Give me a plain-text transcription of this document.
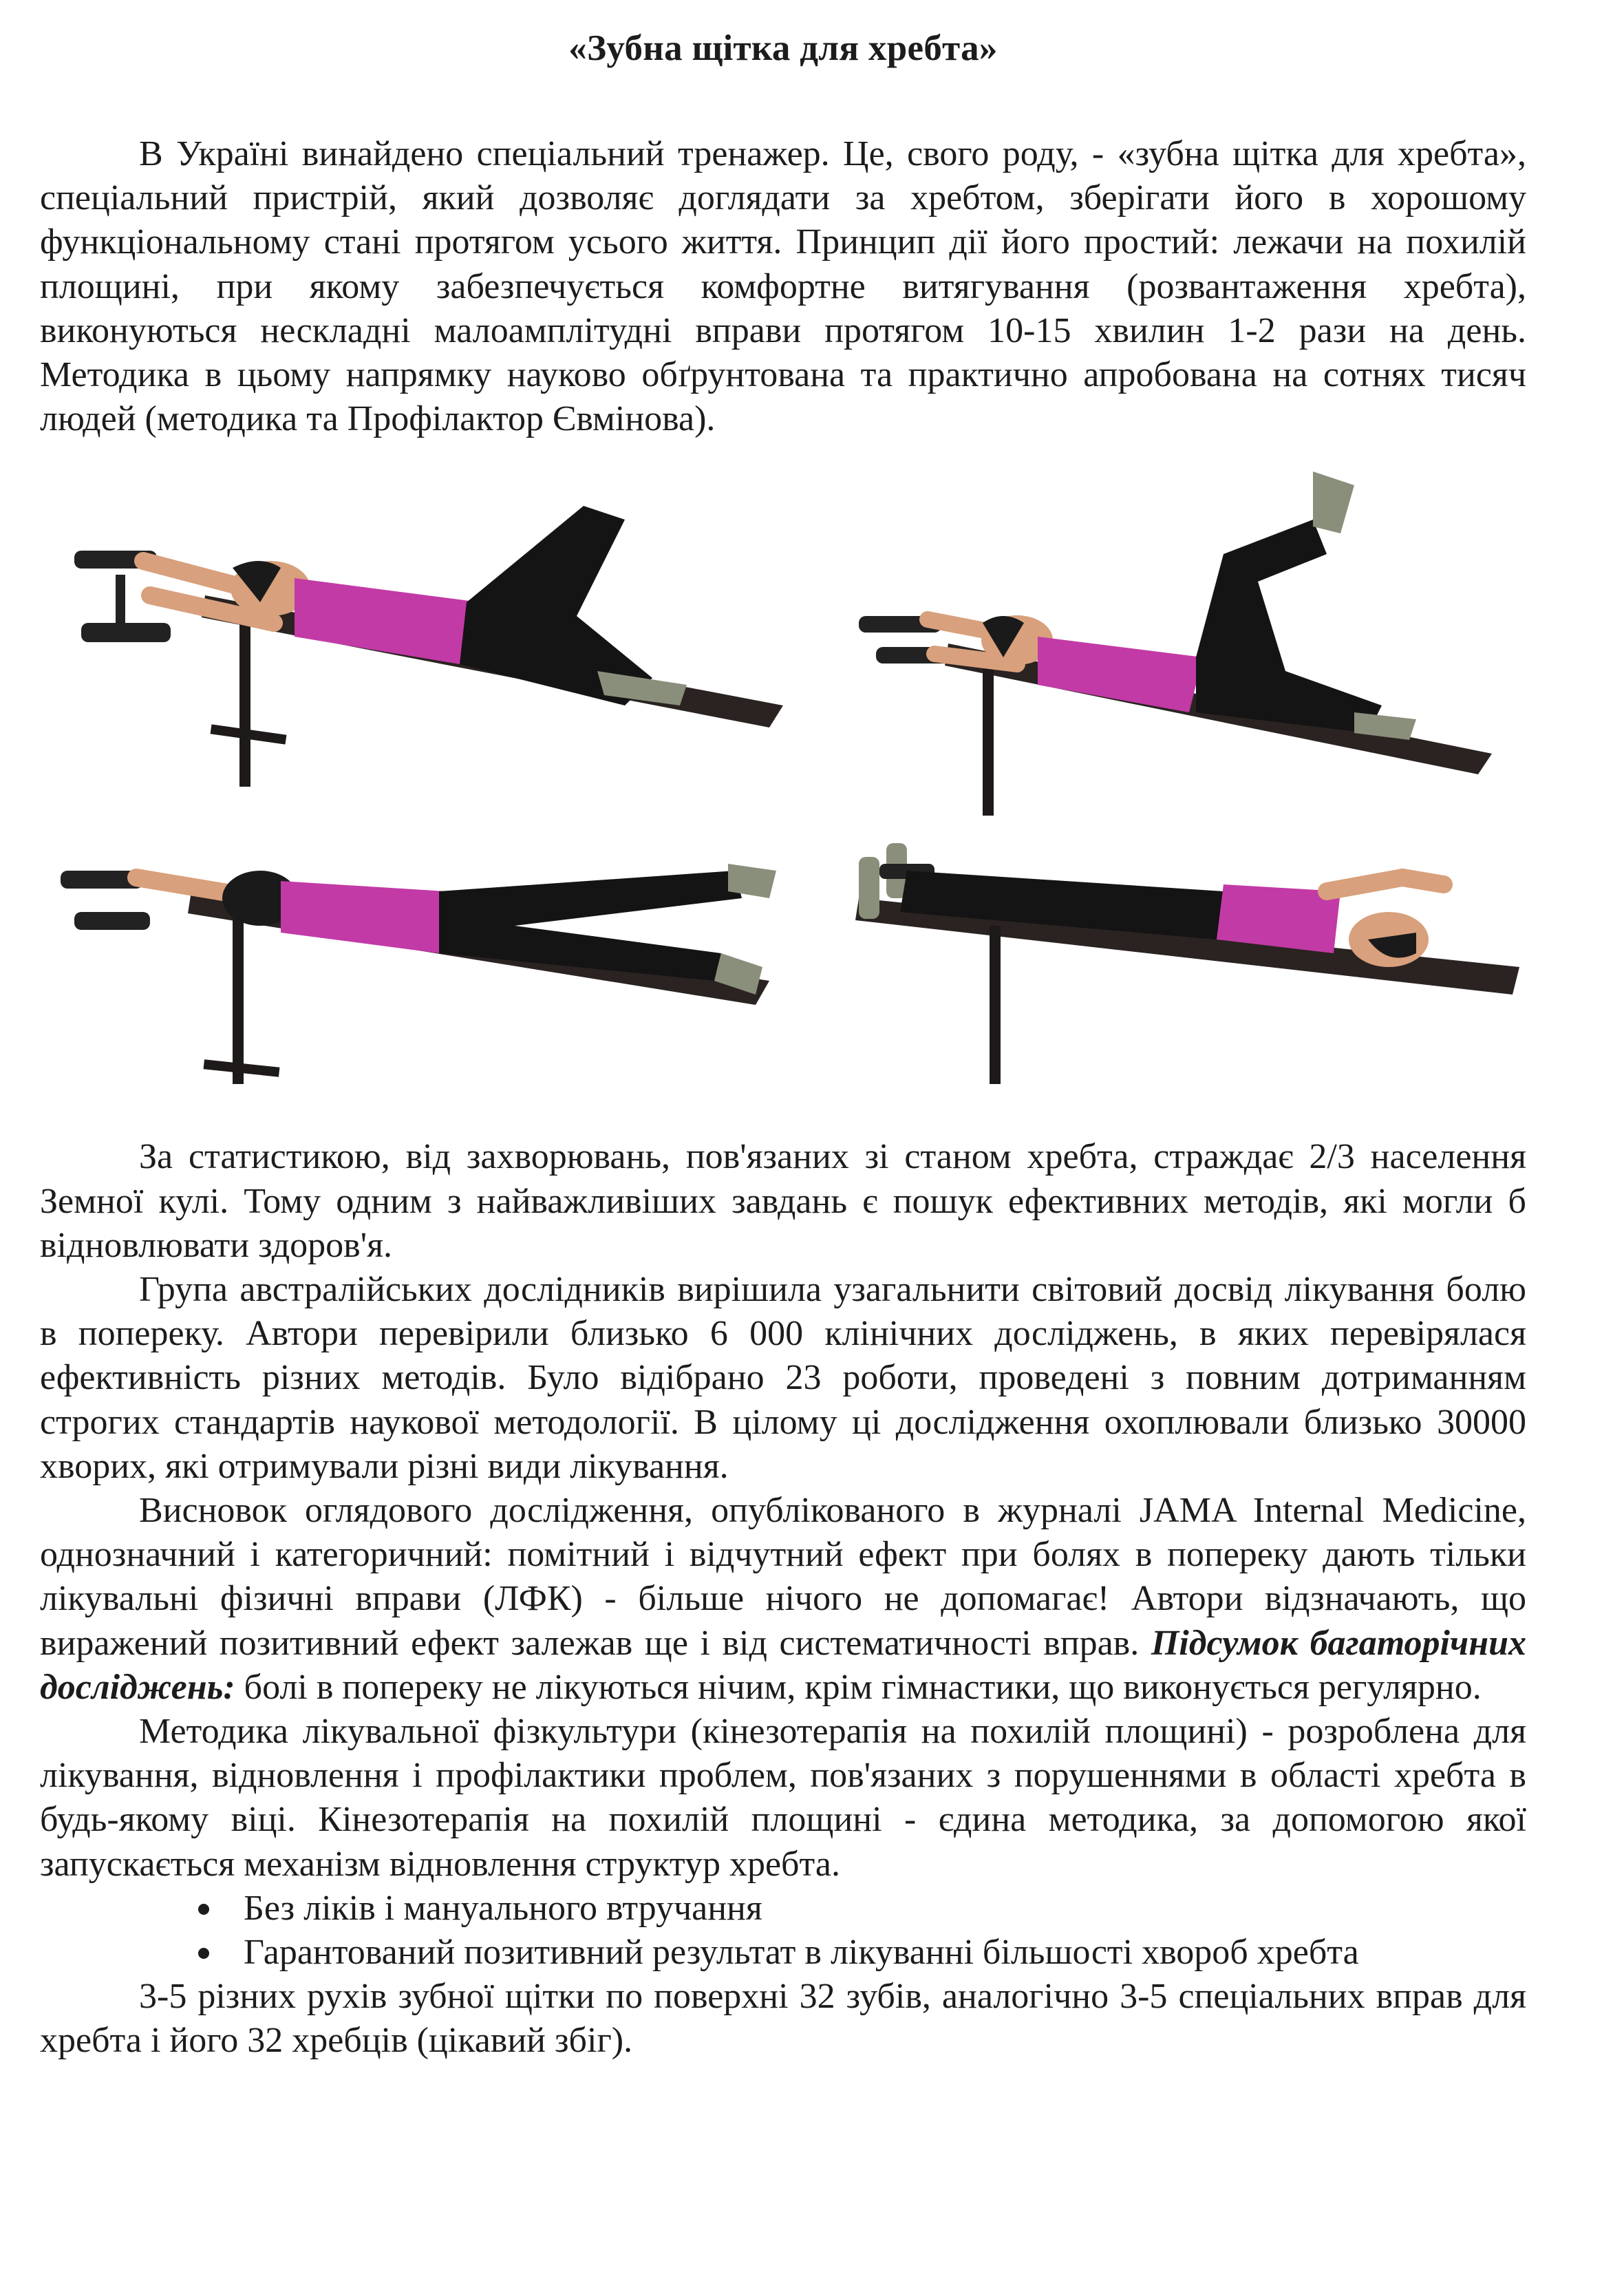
«Зубна щітка для хребта»

В Україні винайдено спеціальний тренажер. Це, свого роду, - «зубна щітка для хребта», спеціальний пристрій, який дозволяє доглядати за хребтом, зберігати його в хорошому функціональному стані протягом усього життя. Принцип дії його простий: лежачи на похилій площині, при якому забезпечується комфортне витягування (розвантаження хребта), виконуються нескладні малоамплітудні вправи протягом 10-15 хвилин 1-2 рази на день. Методика в цьому напрямку науково обґрунтована та практично апробована на сотнях тисяч людей (методика та Профілактор Євмінова).

За статистикою, від захворювань, пов'язаних зі станом хребта, страждає 2/3 населення Земної кулі. Тому одним з найважливіших завдань є пошук ефективних методів, які могли б відновлювати здоров'я.

Група австралійських дослідників вирішила узагальнити світовий досвід лікування болю в попереку. Автори перевірили близько 6 000 клінічних досліджень, в яких перевірялася ефективність різних методів. Було відібрано 23 роботи, проведені з повним дотриманням строгих стандартів наукової методології. В цілому ці дослідження охоплювали близько 30000 хворих, які отримували різні види лікування.

Висновок оглядового дослідження, опублікованого в журналі JAMA Internal Medicine, однозначний і категоричний: помітний і відчутний ефект при болях в попереку дають тільки лікувальні фізичні вправи (ЛФК) - більше нічого не допомагає! Автори відзначають, що виражений позитивний ефект залежав ще і від систематичності вправ. Підсумок багаторічних досліджень: болі в попереку не лікуються нічим, крім гімнастики, що виконується регулярно.

Методика лікувальної фізкультури (кінезотерапія на похилій площині) - розроблена для лікування, відновлення і профілактики проблем, пов'язаних з порушеннями в області хребта в будь-якому віці. Кінезотерапія на похилій площині - єдина методика, за допомогою якої запускається механізм відновлення структур хребта.

Без ліків і мануального втручання
Гарантований позитивний результат в лікуванні більшості хвороб хребта

3-5 різних рухів зубної щітки по поверхні 32 зубів, аналогічно 3-5 спеціальних вправ для хребта і його 32 хребців (цікавий збіг).
